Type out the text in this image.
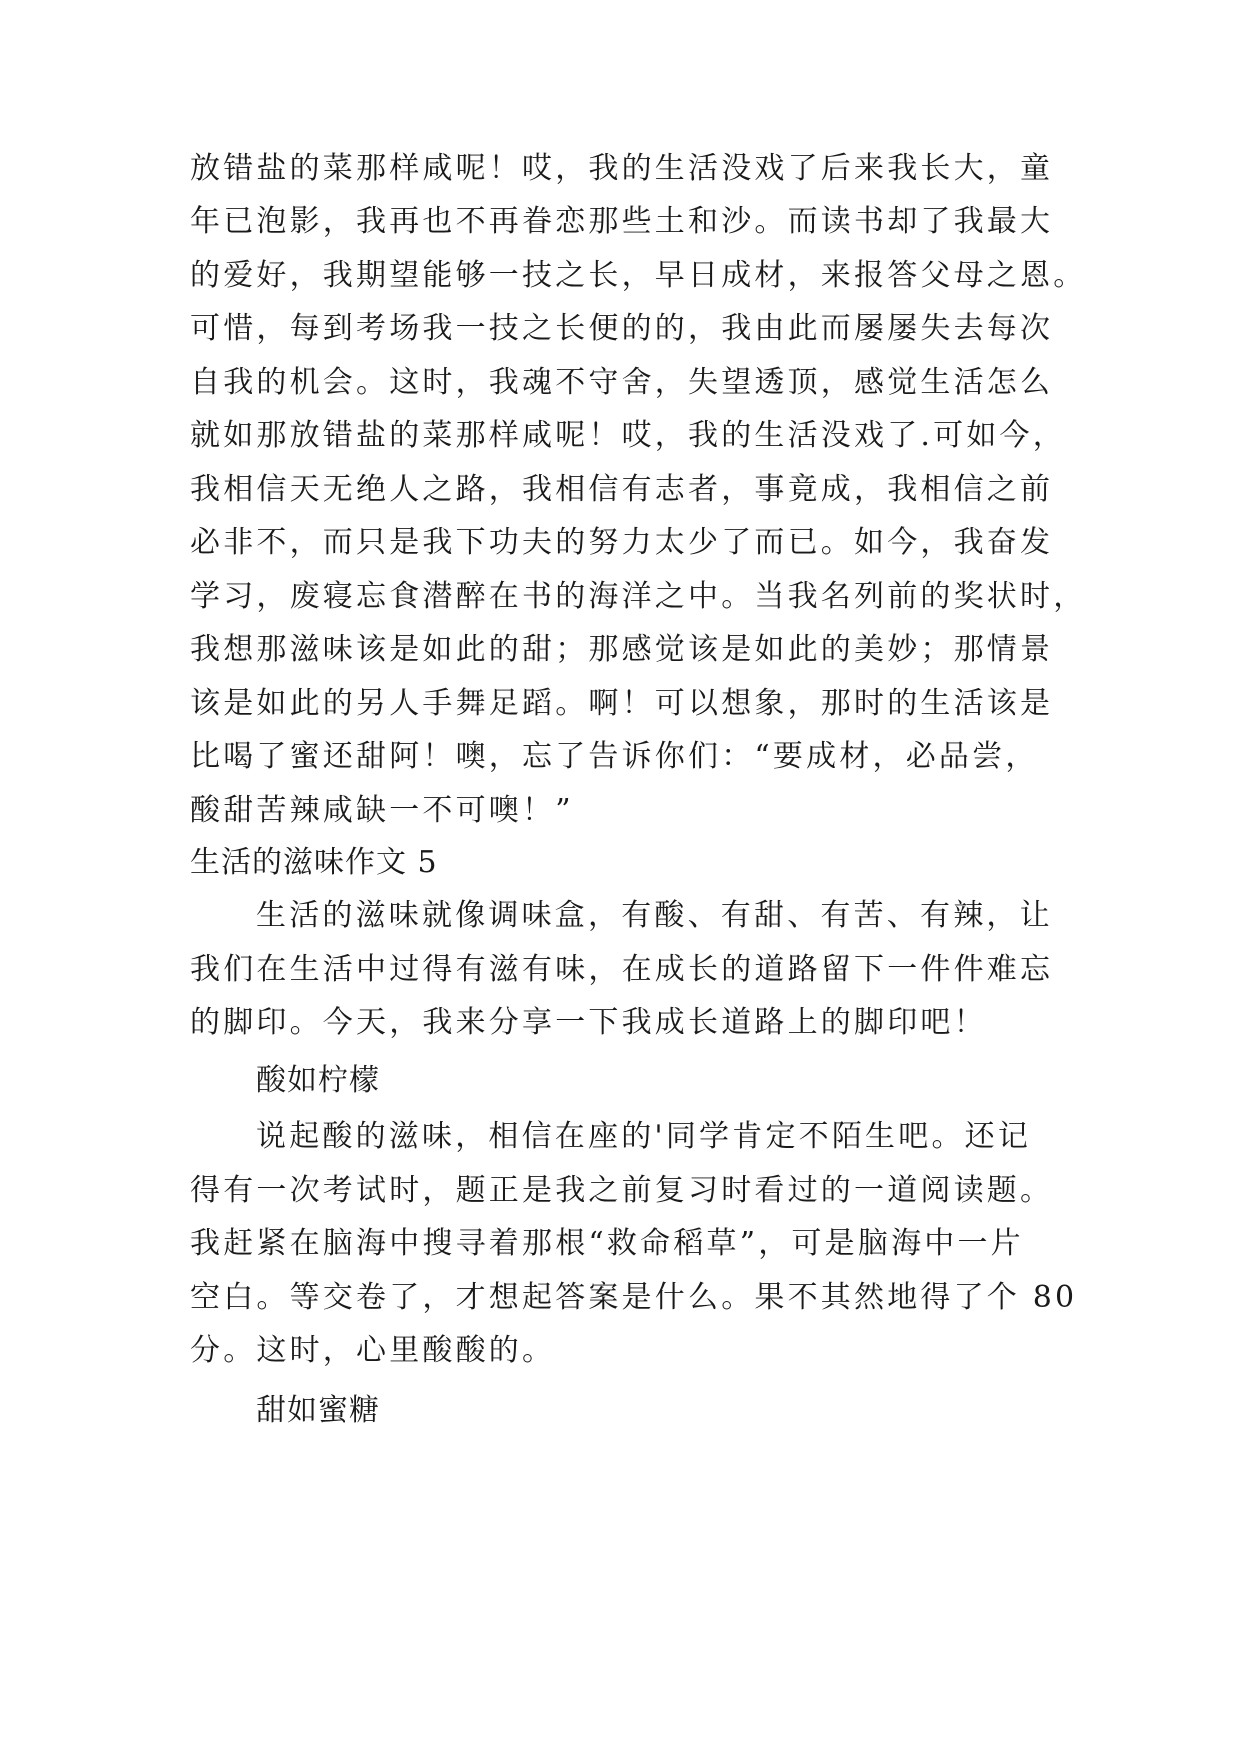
放错盐的菜那样咸呢！哎，我的生活没戏了后来我长大，童
年已泡影，我再也不再眷恋那些土和沙。而读书却了我最大
的爱好，我期望能够一技之长，早日成材，来报答父母之恩。
可惜，每到考场我一技之长便的的，我由此而屡屡失去每次
自我的机会。这时，我魂不守舍，失望透顶，感觉生活怎么
就如那放错盐的菜那样咸呢！哎，我的生活没戏了.可如今，
我相信天无绝人之路，我相信有志者，事竟成，我相信之前
必非不，而只是我下功夫的努力太少了而已。如今，我奋发
学习，废寝忘食潜醉在书的海洋之中。当我名列前的奖状时，
我想那滋味该是如此的甜；那感觉该是如此的美妙；那情景
该是如此的另人手舞足蹈。啊！可以想象，那时的生活该是
比喝了蜜还甜阿！噢，忘了告诉你们：“要成材，必品尝，
酸甜苦辣咸缺一不可噢！”
生活的滋味作文 5
生活的滋味就像调味盒，有酸、有甜、有苦、有辣，让
我们在生活中过得有滋有味，在成长的道路留下一件件难忘
的脚印。今天，我来分享一下我成长道路上的脚印吧！
酸如柠檬
说起酸的滋味，相信在座的'同学肯定不陌生吧。还记
得有一次考试时，题正是我之前复习时看过的一道阅读题。
我赶紧在脑海中搜寻着那根“救命稻草”，可是脑海中一片
空白。等交卷了，才想起答案是什么。果不其然地得了个 80
分。这时，心里酸酸的。
甜如蜜糖
